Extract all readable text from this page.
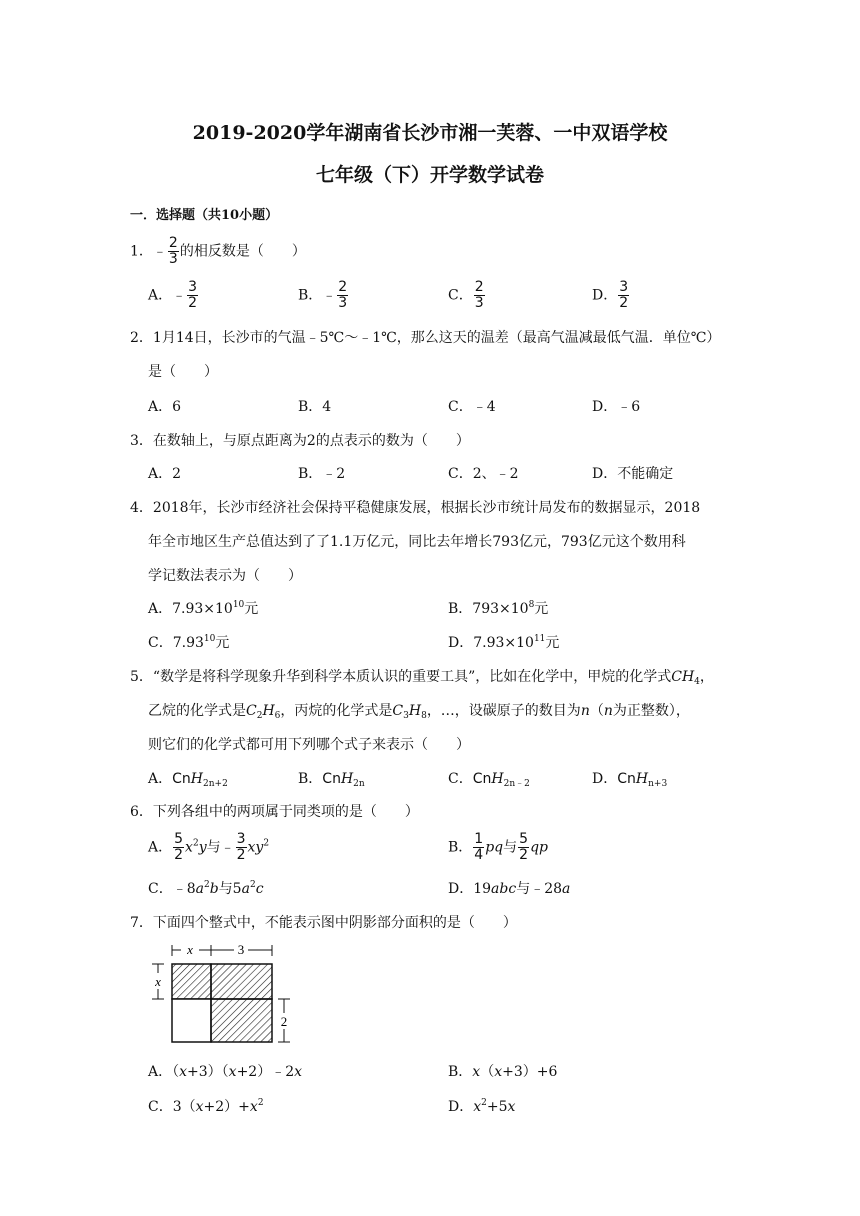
2019-2020学年湖南省长沙市湘一芙蓉、一中双语学校
七年级（下）开学数学试卷
一．选择题（共10小题）
1．﹣ $\frac{2}{3}$ 的相反数是（　　）
A．﹣ $\frac{3}{2}$	B．﹣ $\frac{2}{3}$	C． $\frac{2}{3}$	D． $\frac{3}{2}$
2．1月14日，长沙市的气温﹣5℃～﹣1℃，那么这天的温差（最高气温减最低气温．单位℃）
是（　　）
A．6	B．4	C．﹣4	D．﹣6
3．在数轴上，与原点距离为2的点表示的数为（　　）
A．2	B．﹣2	C．2、﹣2	D．不能确定
4．2018年，长沙市经济社会保持平稳健康发展，根据长沙市统计局发布的数据显示，2018
年全市地区生产总值达到了了1.1万亿元，同比去年增长793亿元，793亿元这个数用科
学记数法表示为（　　）
A．$7.93\times 10^{10}$元	B．$793\times 10^8$元
C．7.93$^{10}$元	D．$7.93\times 10^{11}$元
5．“数学是将科学现象升华到科学本质认识的重要工具”，比如在化学中，甲烷的化学式$CH_4$，
乙烷的化学式是$C_2H_6$，丙烷的化学式是$C_3H_8$，…，设碳原子的数目为n（n为正整数），
则它们的化学式都可用下列哪个式子来表示（　　）
A．CnH$_{2n+2}$	B．CnH$_{2n}$	C．CnH$_{2n﹣2}$	D．CnH$_{n+3}$
6．下列各组中的两项属于同类项的是（　　）
A． $\frac{5}{2} x^2y$与﹣ $\frac{3}{2} xy^2$	B． $\frac{1}{4}$ pq与 $\frac{5}{2}$ qp
C．$﹣8a^2b$与$5a^2c$	D．19abc与﹣28a
7．下面四个整式中，不能表示图中阴影部分面积的是（　　）
x	3
x
2
A．（x+3）（x+2）﹣2x	B．x（x+3）+6
C．$3(x+2)+x^2$	D．$x^2+5x$
